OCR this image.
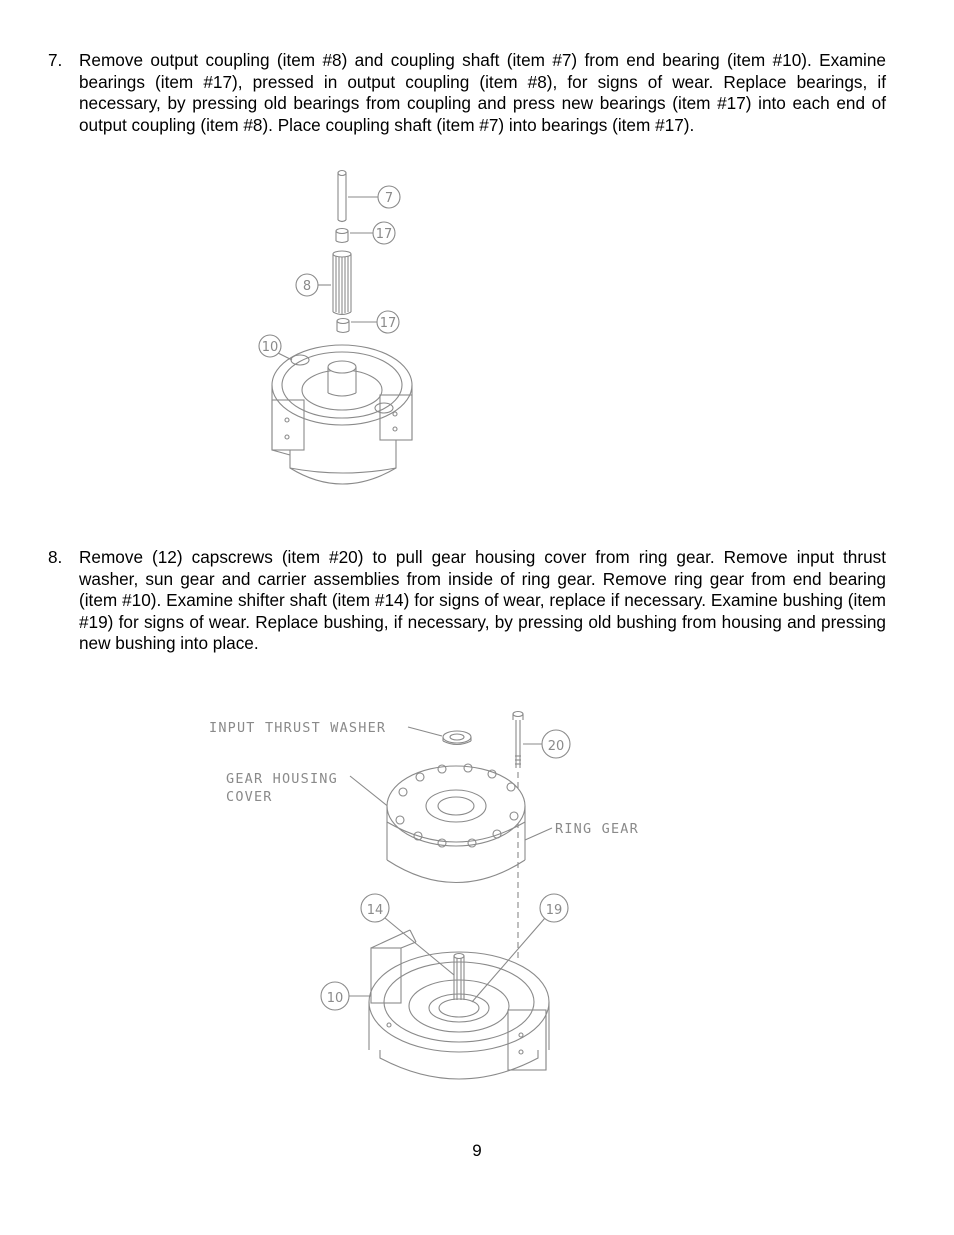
7. Remove output coupling (item #8) and coupling shaft (item #7) from end bearing (item #10). Examine bearings (item #17), pressed in output coupling (item #8), for signs of wear. Replace bearings, if necessary, by pressing old bearings from coupling and press new bearings (item #17) into each end of output coupling (item #8). Place coupling shaft (item #7) into bearings (item #17).
7
17
8
17
10
8. Remove (12) capscrews (item #20) to pull gear housing cover from ring gear. Remove input thrust washer, sun gear and carrier assemblies from inside of ring gear. Remove ring gear from end bearing (item #10). Examine shifter shaft (item #14) for signs of wear, replace if necessary. Examine bushing (item #19) for signs of wear. Replace bushing, if necessary, by pressing old bushing from housing and pressing new bushing into place.
INPUT THRUST WASHER
GEAR HOUSING
COVER
RING GEAR
20
14	19
10
9
